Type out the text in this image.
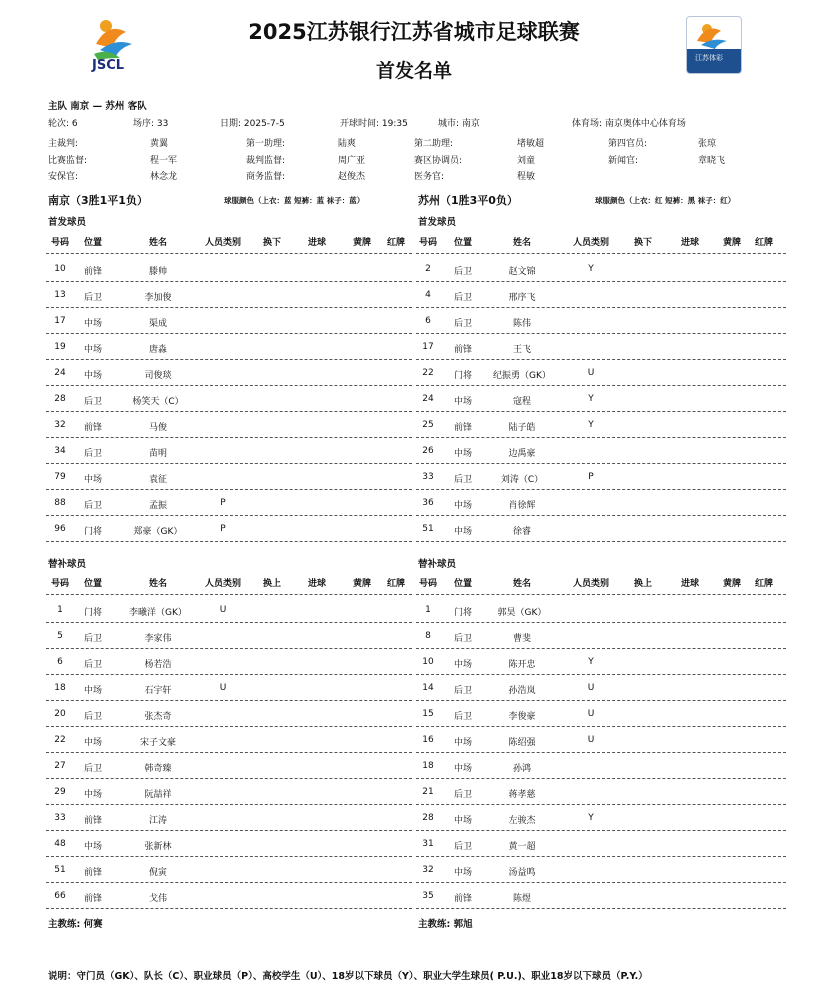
JSCL	江苏体彩
2025江苏银行江苏省城市足球联赛
首发名单
主队 南京 — 苏州 客队
轮次: 6	场序: 33	日期: 2025-7-5	开球时间: 19:35	城市: 南京	体育场: 南京奥体中心体育场
主裁判:	黄翼	第一助理:	陆爽	第二助理:	堵敏超	第四官员:	张琼
比赛监督:	程一军	裁判监督:	周广亚	赛区协调员:	刘童	新闻官:	章晓飞
安保官:	林念龙	商务监督:	赵俊杰	医务官:	程敏
南京（3胜1平1负）	球服颜色（上衣：蓝 短裤：蓝 袜子：蓝）	苏州（1胜3平0负）	球服颜色（上衣：红 短裤：黑 袜子：红）
首发球员	首发球员
替补球员	替补球员
号码	位置	姓名	人员类别	换下	进球	黄牌	红牌
10	前锋	滕帅
13	后卫	李加俊
17	中场	渠成
19	中场	唐淼
24	中场	司俊琰
28	后卫	杨笑天（C）
32	前锋	马俊
34	后卫	苗明
79	中场	袁征
88	后卫	孟振	P
96	门将	郑豪（GK）	P
号码	位置	姓名	人员类别	换下	进球	黄牌	红牌
2	后卫	赵文锦	Y
4	后卫	邢序飞
6	后卫	陈伟
17	前锋	王飞
22	门将	纪振勇（GK）	U
24	中场	寇程	Y
25	前锋	陆子皓	Y
26	中场	边禹豪
33	后卫	刘涛（C）	P
36	中场	肖徐辉
51	中场	徐睿
号码	位置	姓名	人员类别	换上	进球	黄牌	红牌
1	门将	李曦洋（GK）	U
5	后卫	李家伟
6	后卫	杨若浩
18	中场	石宇轩	U
20	后卫	张杰奇
22	中场	宋子文豪
27	后卫	韩奇臻
29	中场	阮喆祥
33	前锋	江涛
48	中场	张新林
51	前锋	倪寅
66	前锋	戈伟
号码	位置	姓名	人员类别	换上	进球	黄牌	红牌
1	门将	郭昊（GK）
8	后卫	曹斐
10	中场	陈开忠	Y
14	后卫	孙浩岚	U
15	后卫	李俊豪	U
16	中场	陈绍强	U
18	中场	孙鸿
21	后卫	蒋孝慈
28	中场	左骏杰	Y
31	后卫	黄一超
32	中场	汤益鸣
35	前锋	陈煜
主教练: 何赛	主教练: 郭旭
说明：守门员（GK）、队长（C）、职业球员（P）、高校学生（U）、18岁以下球员（Y）、职业大学生球员( P.U.)、职业18岁以下球员（P.Y.）
